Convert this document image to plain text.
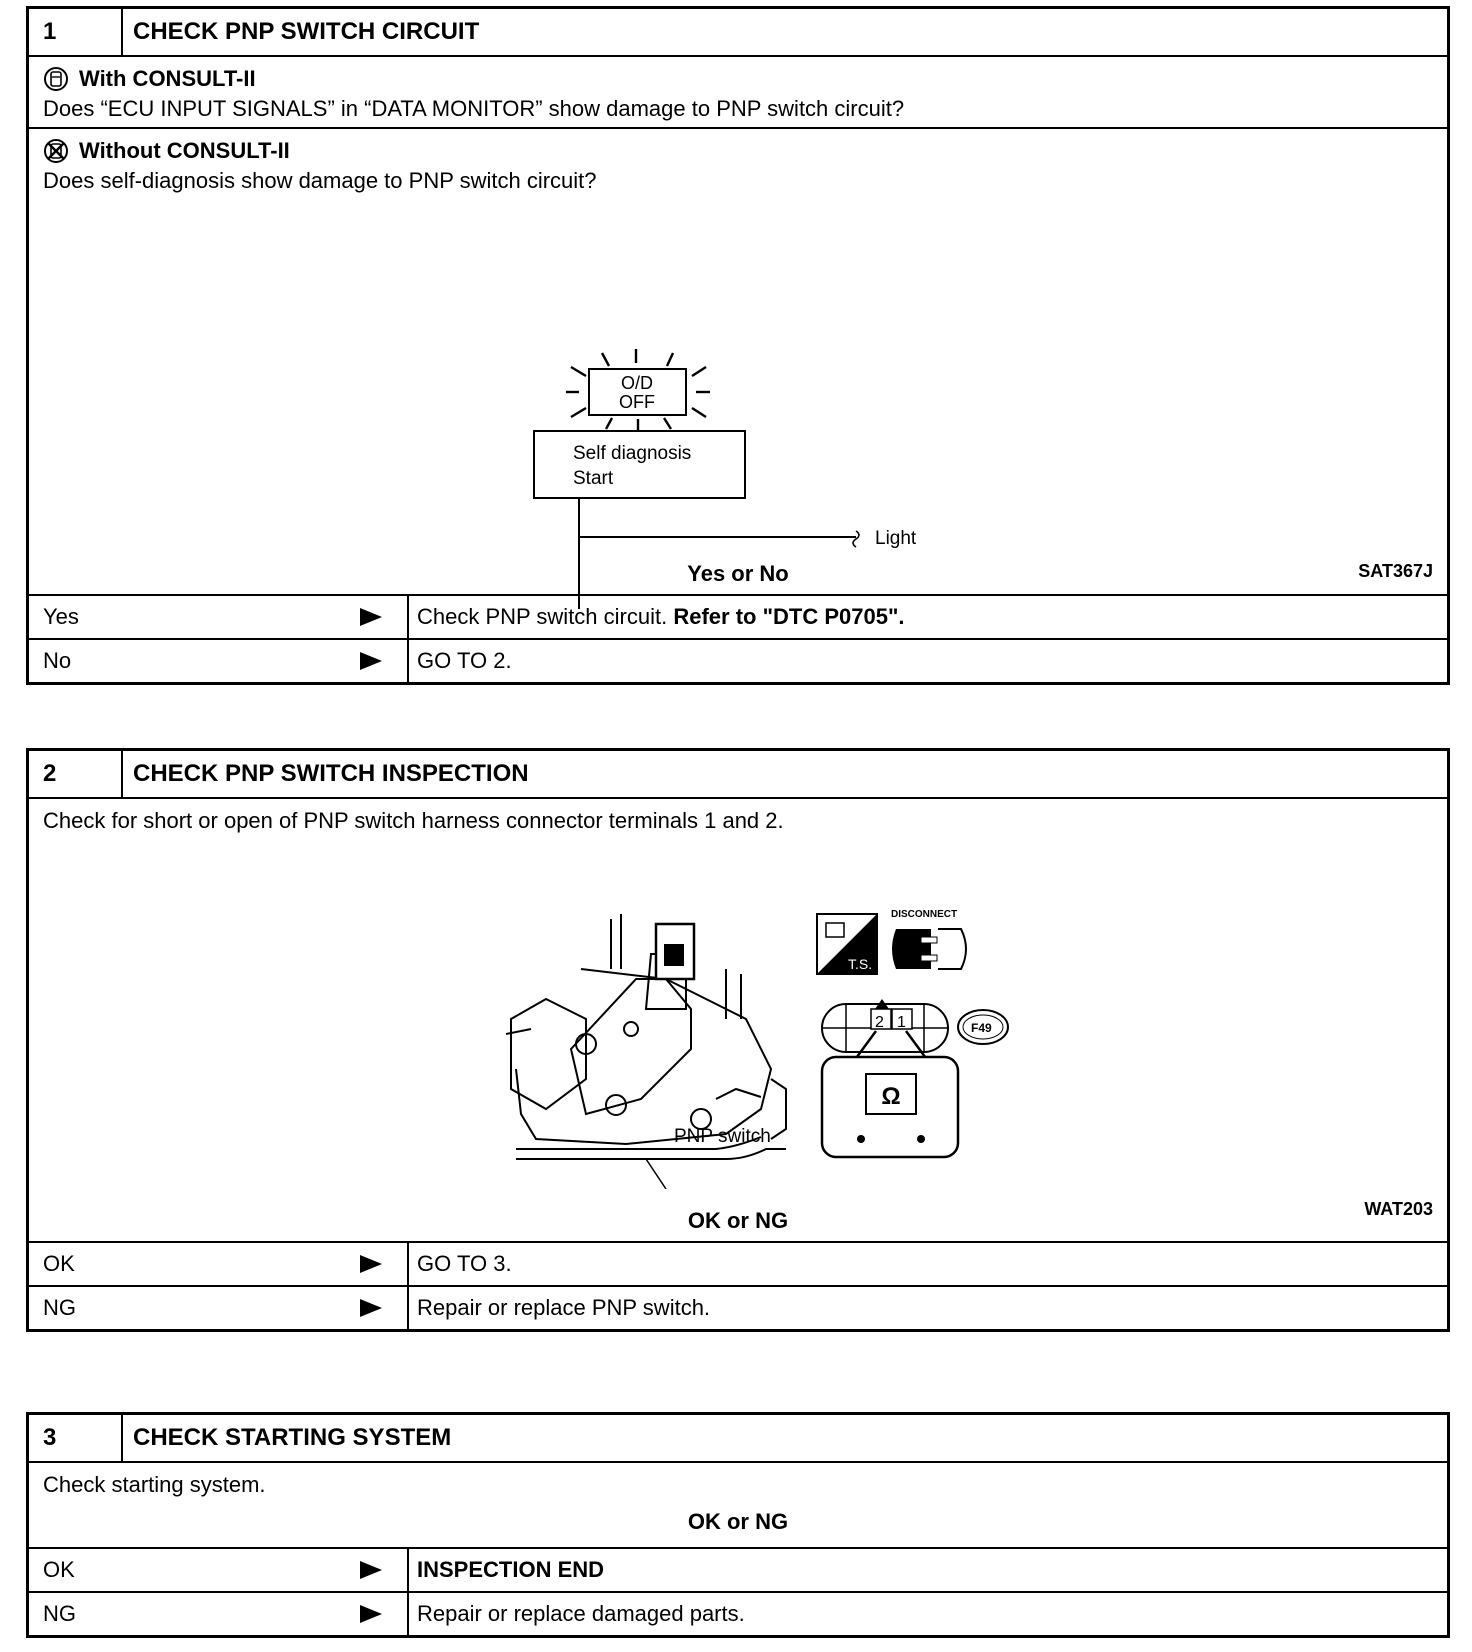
1	CHECK PNP SWITCH CIRCUIT
With CONSULT-II
Does “ECU INPUT SIGNALS” in “DATA MONITOR” show damage to PNP switch circuit?
Without CONSULT-II
Does self-diagnosis show damage to PNP switch circuit?
O/D
OFF
Self diagnosis
Start
Light
SAT367J
Yes or No
Yes	Check PNP switch circuit.
Refer to "DTC P0705".
No	GO TO 2.
2	CHECK PNP SWITCH INSPECTION
Check for short or open of PNP switch harness connector terminals 1 and 2.
PNP switch
T.S.
DISCONNECT
2 1	F49
Ω
WAT203
OK or NG
OK	GO TO 3.
NG	Repair or replace PNP switch.
3	CHECK STARTING SYSTEM
Check starting system.
OK or NG
OK	INSPECTION END
NG	Repair or replace damaged parts.
